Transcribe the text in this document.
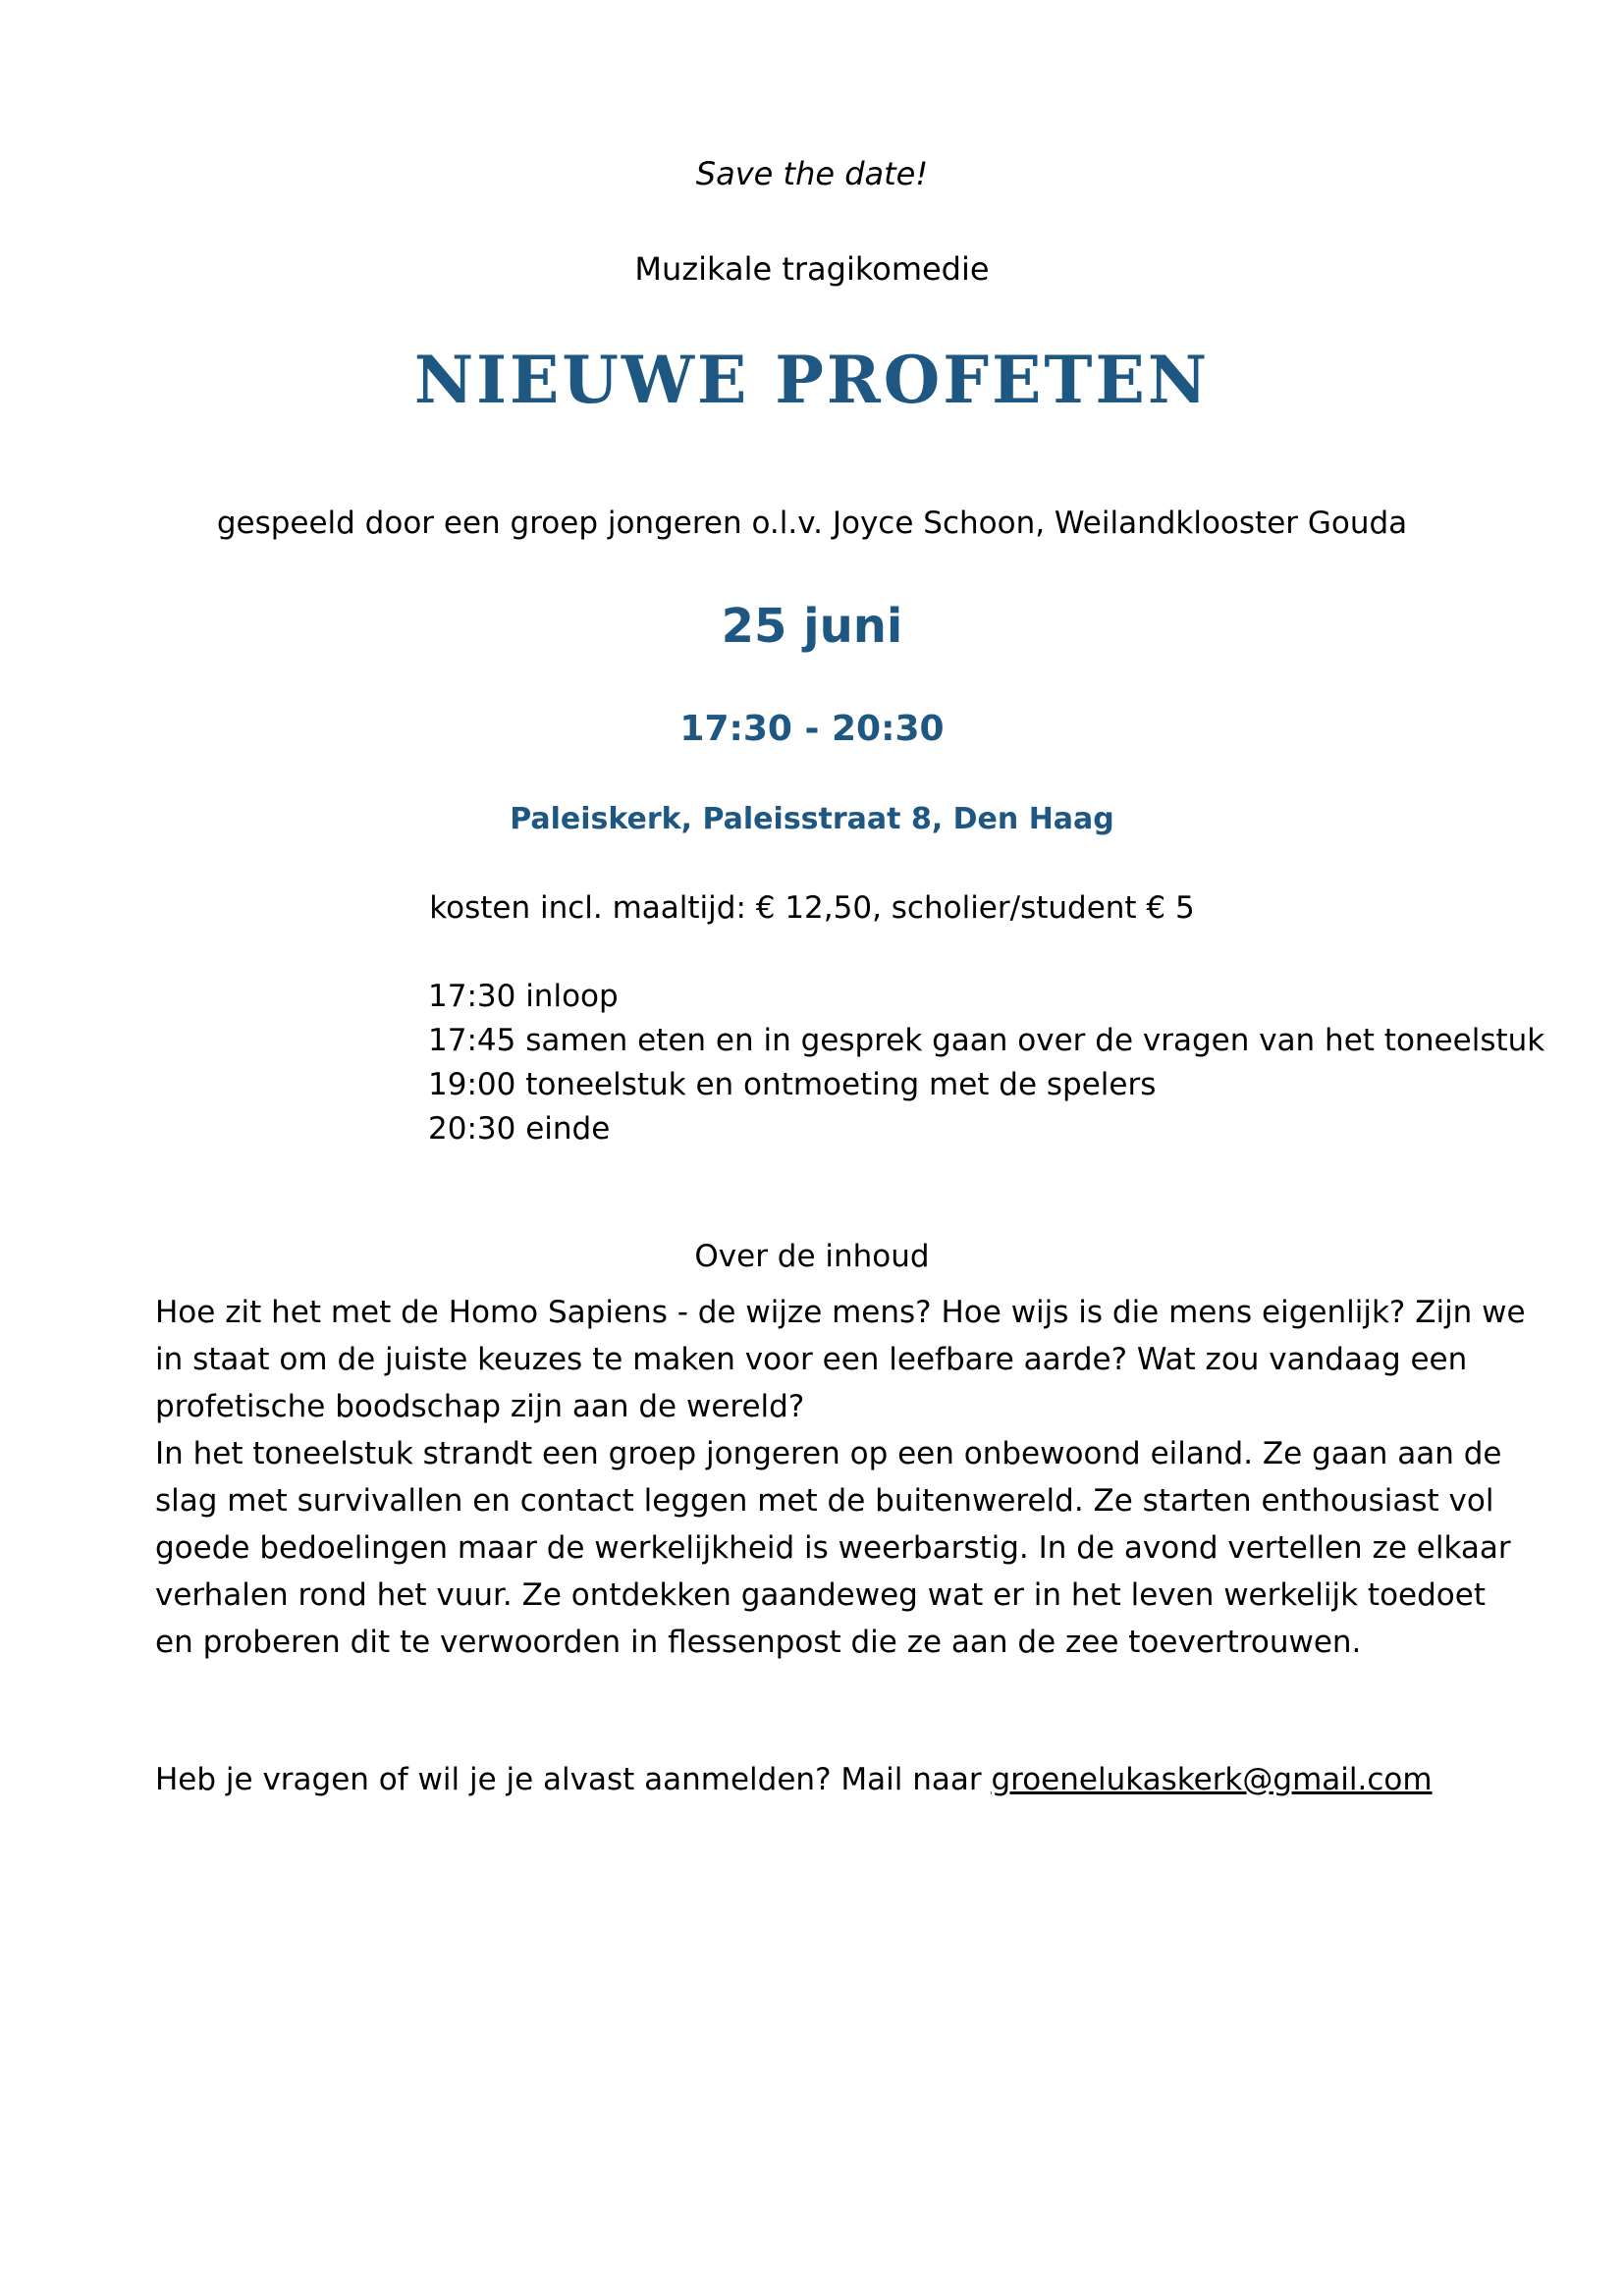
Save the date!
Muzikale tragikomedie
NIEUWE PROFETEN
gespeeld door een groep jongeren o.l.v. Joyce Schoon, Weilandklooster Gouda
25 juni
17:30 - 20:30
Paleiskerk, Paleisstraat 8, Den Haag
kosten incl. maaltijd: € 12,50, scholier/student € 5
17:30 inloop
17:45 samen eten en in gesprek gaan over de vragen van het toneelstuk
19:00 toneelstuk en ontmoeting met de spelers
20:30 einde
Over de inhoud

Hoe zit het met de Homo Sapiens - de wijze mens? Hoe wijs is die mens eigenlijk? Zijn we
in staat om de juiste keuzes te maken voor een leefbare aarde? Wat zou vandaag een
profetische boodschap zijn aan de wereld?
In het toneelstuk strandt een groep jongeren op een onbewoond eiland. Ze gaan aan de
slag met survivallen en contact leggen met de buitenwereld. Ze starten enthousiast vol
goede bedoelingen maar de werkelijkheid is weerbarstig. In de avond vertellen ze elkaar
verhalen rond het vuur. Ze ontdekken gaandeweg wat er in het leven werkelijk toedoet
en proberen dit te verwoorden in flessenpost die ze aan de zee toevertrouwen.

Heb je vragen of wil je je alvast aanmelden? Mail naar groenelukaskerk@gmail.com
